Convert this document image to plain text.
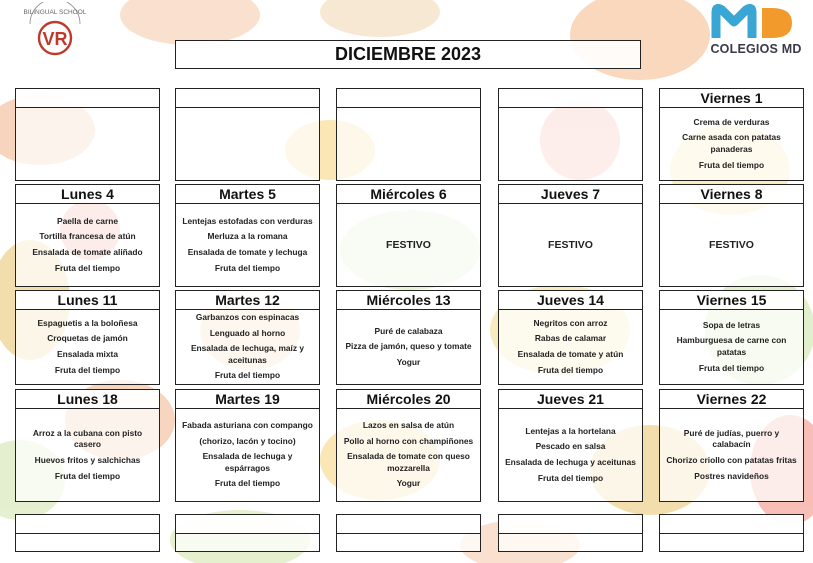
BILINGUAL SCHOOL
VR	COLEGIOS MD
DICIEMBRE 2023
Viernes 1
Crema de verduras
Carne asada con patatas panaderas
Fruta del tiempo
Lunes 4
Paella de carne
Tortilla francesa de atún
Ensalada de tomate aliñado
Fruta del tiempo
Martes 5
Lentejas estofadas con verduras
Merluza a la romana
Ensalada de tomate y lechuga
Fruta del tiempo
Miércoles 6
FESTIVO
Jueves 7
FESTIVO
Viernes 8
FESTIVO
Lunes 11
Espaguetis a la boloñesa
Croquetas de jamón
Ensalada mixta
Fruta del tiempo
Martes 12
Garbanzos con espinacas
Lenguado al horno
Ensalada de lechuga, maíz y aceitunas
Fruta del tiempo
Miércoles 13
Puré de calabaza
Pizza de jamón, queso y tomate
Yogur
Jueves 14
Negritos con arroz
Rabas de calamar
Ensalada de tomate y atún
Fruta del tiempo
Viernes 15
Sopa de letras
Hamburguesa de carne con patatas
Fruta del tiempo
Lunes 18
Arroz a la cubana con pisto casero
Huevos fritos y salchichas
Fruta del tiempo
Martes 19
Fabada asturiana con compango
(chorizo, lacón y tocino)
Ensalada de lechuga y espárragos
Fruta del tiempo
Miércoles 20
Lazos en salsa de atún
Pollo al horno con champiñones
Ensalada de tomate con queso mozzarella
Yogur
Jueves 21
Lentejas a la hortelana
Pescado en salsa
Ensalada de lechuga y aceitunas
Fruta del tiempo
Viernes 22
Puré de judías, puerro y calabacín
Chorizo criollo con patatas fritas
Postres navideños
